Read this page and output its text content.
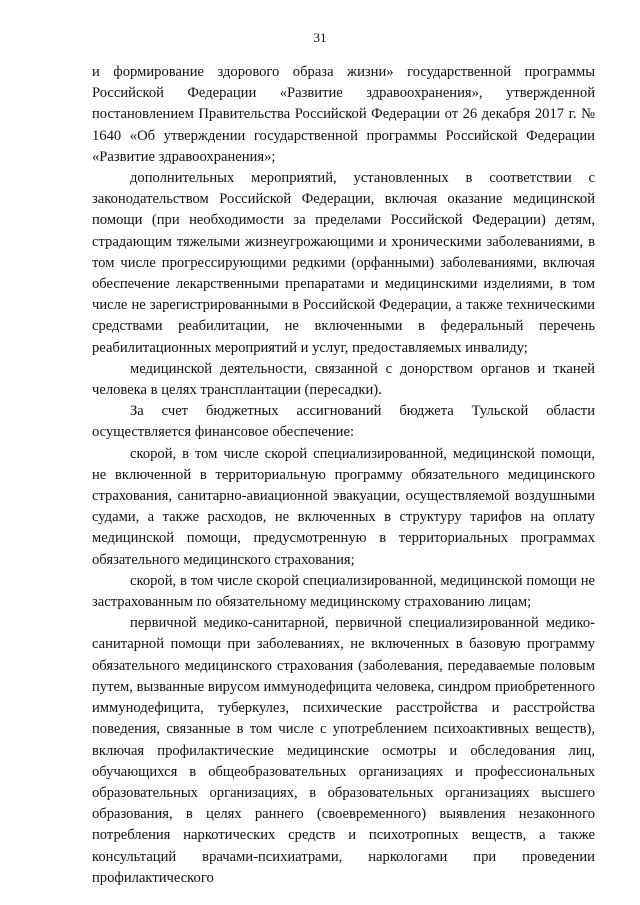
31

и формирование здорового образа жизни» государственной программы Российской Федерации «Развитие здравоохранения», утвержденной постановлением Правительства Российской Федерации от 26 декабря 2017 г. № 1640 «Об утверждении государственной программы Российской Федерации «Развитие здравоохранения»;

дополнительных мероприятий, установленных в соответствии с законодательством Российской Федерации, включая оказание медицинской помощи (при необходимости за пределами Российской Федерации) детям, страдающим тяжелыми жизнеугрожающими и хроническими заболеваниями, в том числе прогрессирующими редкими (орфанными) заболеваниями, включая обеспечение лекарственными препаратами и медицинскими изделиями, в том числе не зарегистрированными в Российской Федерации, а также техническими средствами реабилитации, не включенными в федеральный перечень реабилитационных мероприятий и услуг, предоставляемых инвалиду;

медицинской деятельности, связанной с донорством органов и тканей человека в целях трансплантации (пересадки).

За счет бюджетных ассигнований бюджета Тульской области осуществляется финансовое обеспечение:

скорой, в том числе скорой специализированной, медицинской помощи, не включенной в территориальную программу обязательного медицинского страхования, санитарно-авиационной эвакуации, осуществляемой воздушными судами, а также расходов, не включенных в структуру тарифов на оплату медицинской помощи, предусмотренную в территориальных программах обязательного медицинского страхования;

скорой, в том числе скорой специализированной, медицинской помощи не застрахованным по обязательному медицинскому страхованию лицам;

первичной медико-санитарной, первичной специализированной медико-санитарной помощи при заболеваниях, не включенных в базовую программу обязательного медицинского страхования (заболевания, передаваемые половым путем, вызванные вирусом иммунодефицита человека, синдром приобретенного иммунодефицита, туберкулез, психические расстройства и расстройства поведения, связанные в том числе с употреблением психоактивных веществ), включая профилактические медицинские осмотры и обследования лиц, обучающихся в общеобразовательных организациях и профессиональных образовательных организациях, в образовательных организациях высшего образования, в целях раннего (своевременного) выявления незаконного потребления наркотических средств и психотропных веществ, а также консультаций врачами-психиатрами, наркологами при проведении профилактического
